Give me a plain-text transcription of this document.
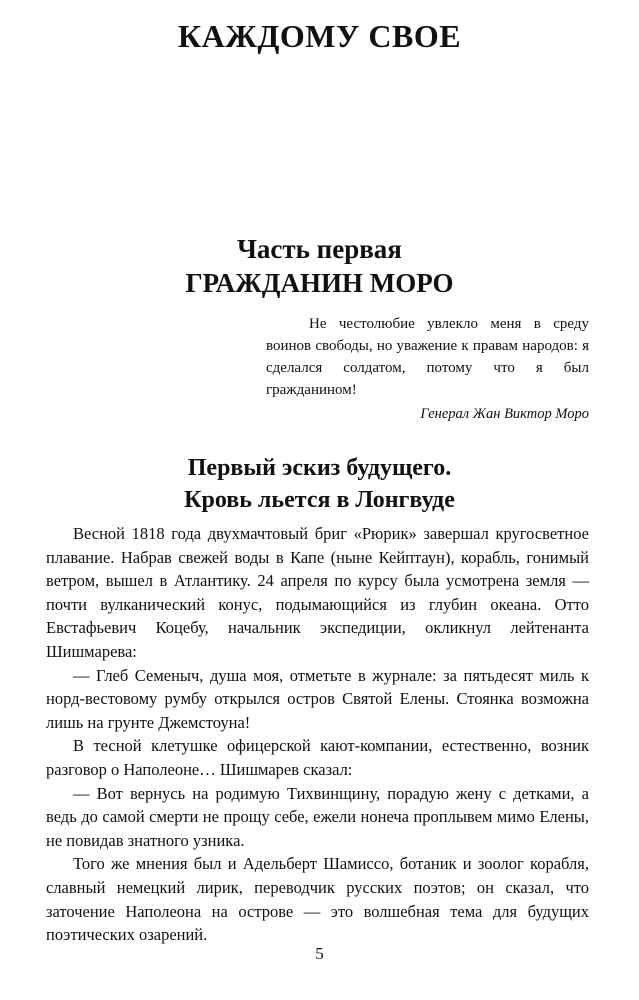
КАЖДОМУ СВОЕ
Часть первая
ГРАЖДАНИН МОРО

Не честолюбие увлекло меня в среду воинов свободы, но уважение к правам народов: я сделался солдатом, потому что я был гражданином!

Генерал Жан Виктор Моро

Первый эскиз будущего.
Кровь льется в Лонгвуде

Весной 1818 года двухмачтовый бриг «Рюрик» завершал кругосветное плавание. Набрав свежей воды в Капе (ныне Кейптаун), корабль, гонимый ветром, вышел в Атлантику. 24 апреля по курсу была усмотрена земля — почти вулканический конус, подымающийся из глубин океана. Отто Евстафьевич Коцебу, начальник экспедиции, окликнул лейтенанта Шишмарева:

— Глеб Семеныч, душа моя, отметьте в журнале: за пятьдесят миль к норд-вестовому румбу открылся остров Святой Елены. Стоянка возможна лишь на грунте Джемстоуна!

В тесной клетушке офицерской кают-компании, естественно, возник разговор о Наполеоне… Шишмарев сказал:

— Вот вернусь на родимую Тихвинщину, порадую жену с детками, а ведь до самой смерти не прощу себе, ежели нонеча проплывем мимо Елены, не повидав знатного узника.

Того же мнения был и Адельберт Шамиссо, ботаник и зоолог корабля, славный немецкий лирик, переводчик русских поэтов; он сказал, что заточение Наполеона на острове — это волшебная тема для будущих поэтических озарений.

5
